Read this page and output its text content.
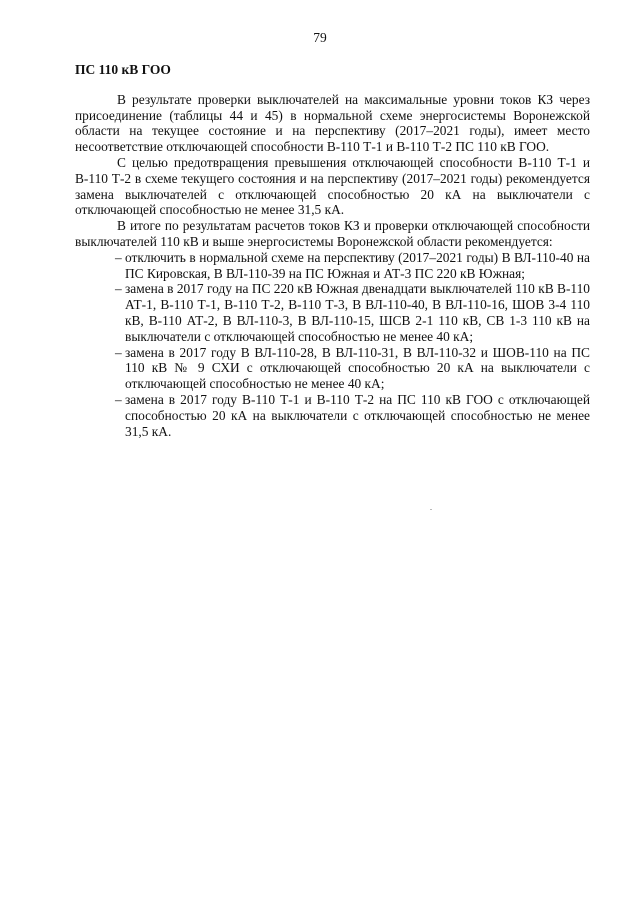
79

ПС 110 кВ ГОО

В результате проверки выключателей на максимальные уровни токов КЗ через присоединение (таблицы 44 и 45) в нормальной схеме энергосистемы Воронежской области на текущее состояние и на перспективу (2017–2021 годы), имеет место несоответствие отключающей способности В-110 Т-1 и В-110 Т-2 ПС 110 кВ ГОО.

С целью предотвращения превышения отключающей способности В-110 Т-1 и В-110 Т-2 в схеме текущего состояния и на перспективу (2017–2021 годы) рекомендуется замена выключателей с отключающей способностью 20 кА на выключатели с отключающей способностью не менее 31,5 кА.

В итоге по результатам расчетов токов КЗ и проверки отключающей способности выключателей 110 кВ и выше энергосистемы Воронежской области рекомендуется:

– отключить в нормальной схеме на перспективу (2017–2021 годы) В ВЛ-110-40 на ПС Кировская, В ВЛ-110-39 на ПС Южная и АТ-3 ПС 220 кВ Южная;
– замена в 2017 году на ПС 220 кВ Южная двенадцати выключателей 110 кВ В-110 АТ-1, В-110 Т-1, В-110 Т-2, В-110 Т-3, В ВЛ-110-40, В ВЛ-110-16, ШОВ 3-4 110 кВ, В-110 АТ-2, В ВЛ-110-3, В ВЛ-110-15, ШСВ 2-1 110 кВ, СВ 1-3 110 кВ на выключатели с отключающей способностью не менее 40 кА;
– замена в 2017 году В ВЛ-110-28, В ВЛ-110-31, В ВЛ-110-32 и ШОВ-110 на ПС 110 кВ № 9 СХИ с отключающей способностью 20 кА на выключатели с отключающей способностью не менее 40 кА;
– замена в 2017 году В-110 Т-1 и В-110 Т-2 на ПС 110 кВ ГОО с отключающей способностью 20 кА на выключатели с отключающей способностью не менее 31,5 кА.
